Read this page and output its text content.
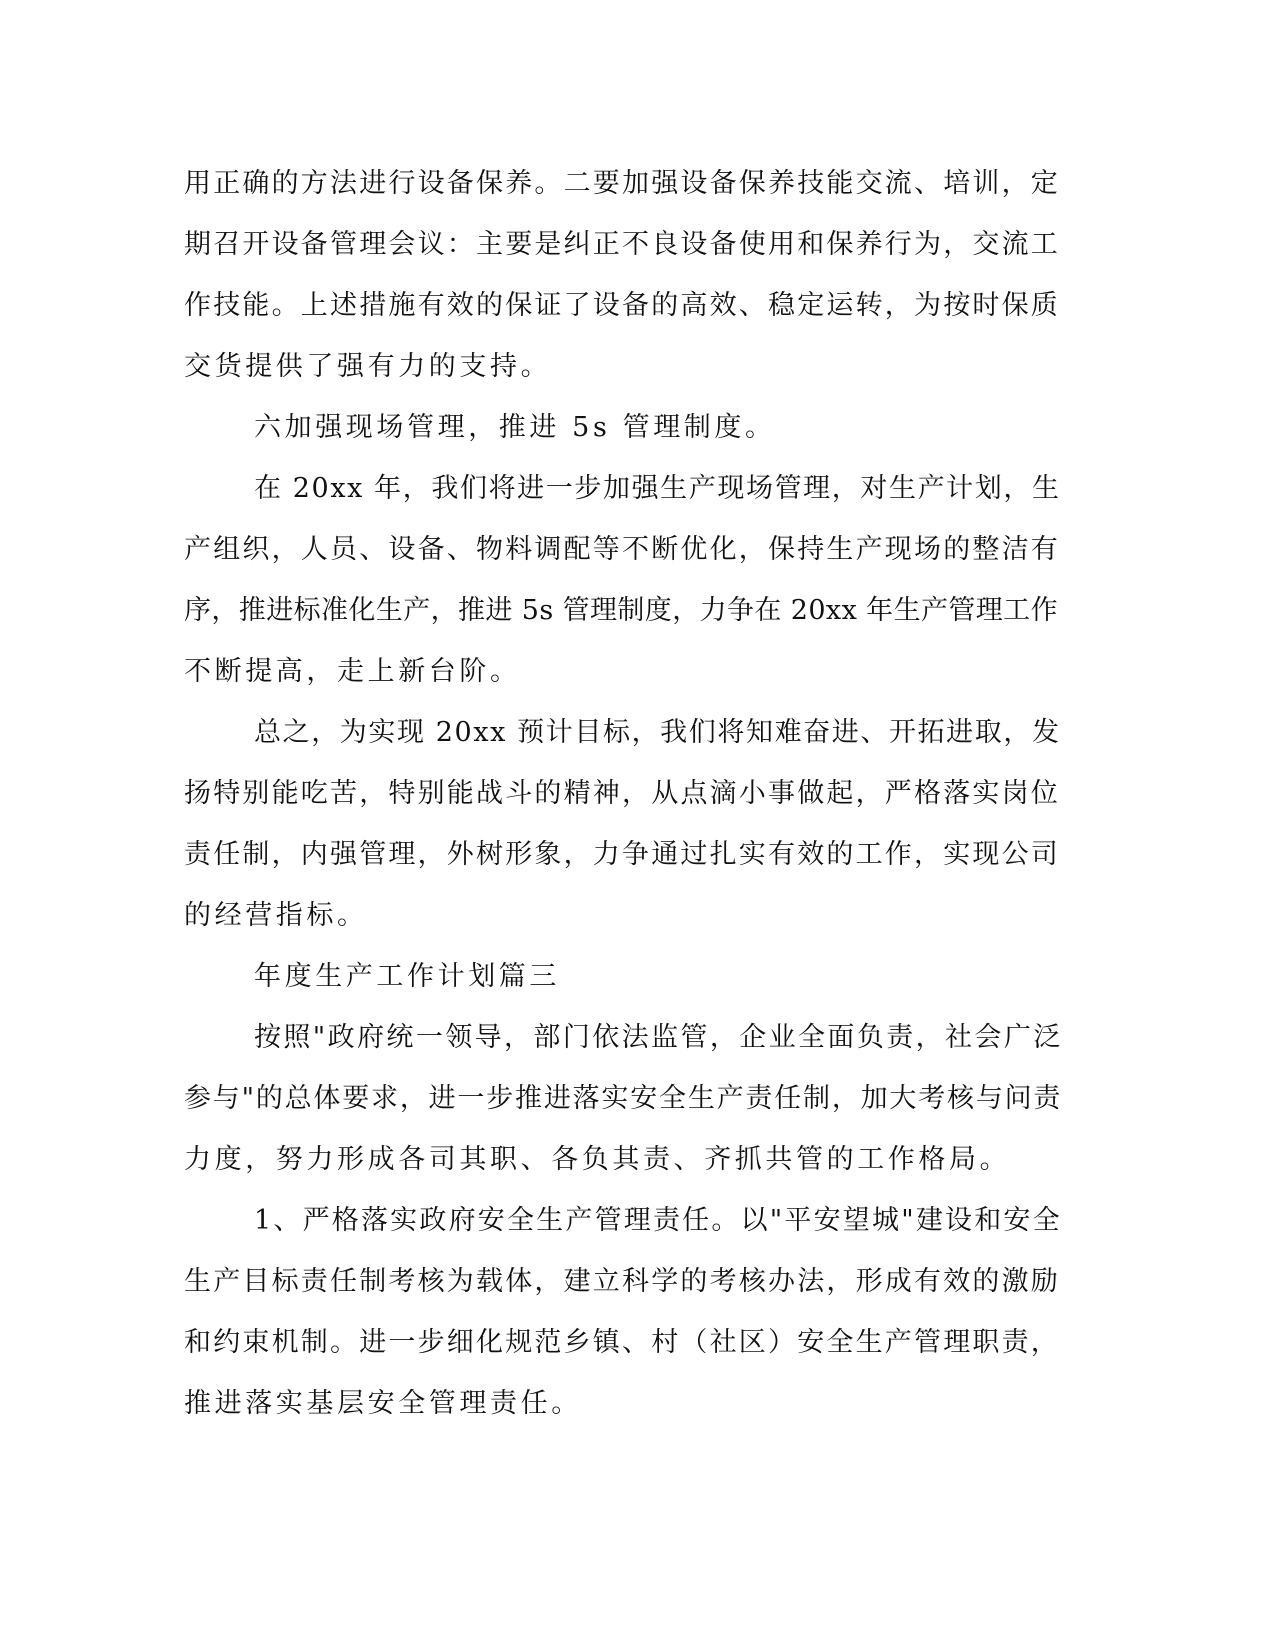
用正确的方法进行设备保养。二要加强设备保养技能交流、培训，定
期召开设备管理会议：主要是纠正不良设备使用和保养行为，交流工
作技能。上述措施有效的保证了设备的高效、稳定运转，为按时保质
交货提供了强有力的支持。
六加强现场管理，推进 5s 管理制度。
在 20xx 年，我们将进一步加强生产现场管理，对生产计划，生
产组织，人员、设备、物料调配等不断优化，保持生产现场的整洁有
序，推进标准化生产，推进 5s 管理制度，力争在 20xx 年生产管理工作
不断提高，走上新台阶。
总之，为实现 20xx 预计目标，我们将知难奋进、开拓进取，发
扬特别能吃苦，特别能战斗的精神，从点滴小事做起，严格落实岗位
责任制，内强管理，外树形象，力争通过扎实有效的工作，实现公司
的经营指标。
年度生产工作计划篇三
按照"政府统一领导，部门依法监管，企业全面负责，社会广泛
参与"的总体要求，进一步推进落实安全生产责任制，加大考核与问责
力度，努力形成各司其职、各负其责、齐抓共管的工作格局。
1、严格落实政府安全生产管理责任。以"平安望城"建设和安全
生产目标责任制考核为载体，建立科学的考核办法，形成有效的激励
和约束机制。进一步细化规范乡镇、村（社区）安全生产管理职责，
推进落实基层安全管理责任。
